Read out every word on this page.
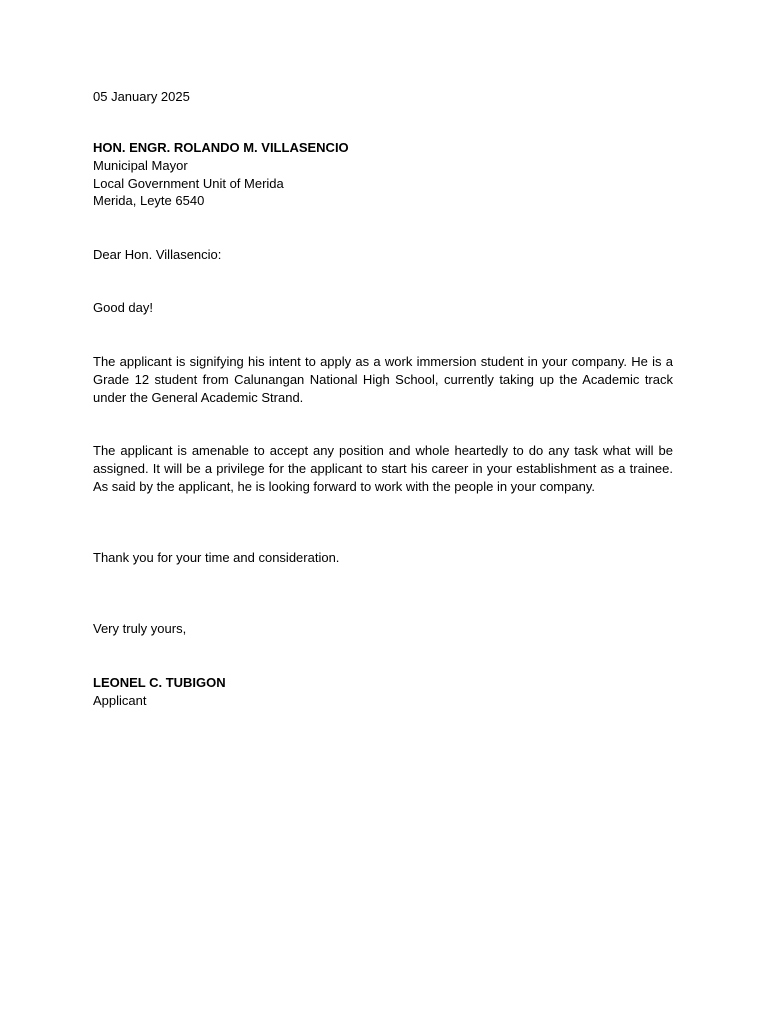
05 January 2025

HON. ENGR. ROLANDO M. VILLASENCIO
Municipal Mayor
Local Government Unit of Merida
Merida, Leyte 6540

Dear Hon. Villasencio:

Good day!

The applicant is signifying his intent to apply as a work immersion student in your company. He is a Grade 12 student from Calunangan National High School, currently taking up the Academic track under the General Academic Strand.

The applicant is amenable to accept any position and whole heartedly to do any task what will be assigned. It will be a privilege for the applicant to start his career in your establishment as a trainee. As said by the applicant, he is looking forward to work with the people in your company.

Thank you for your time and consideration.

Very truly yours,

LEONEL C. TUBIGON
Applicant
